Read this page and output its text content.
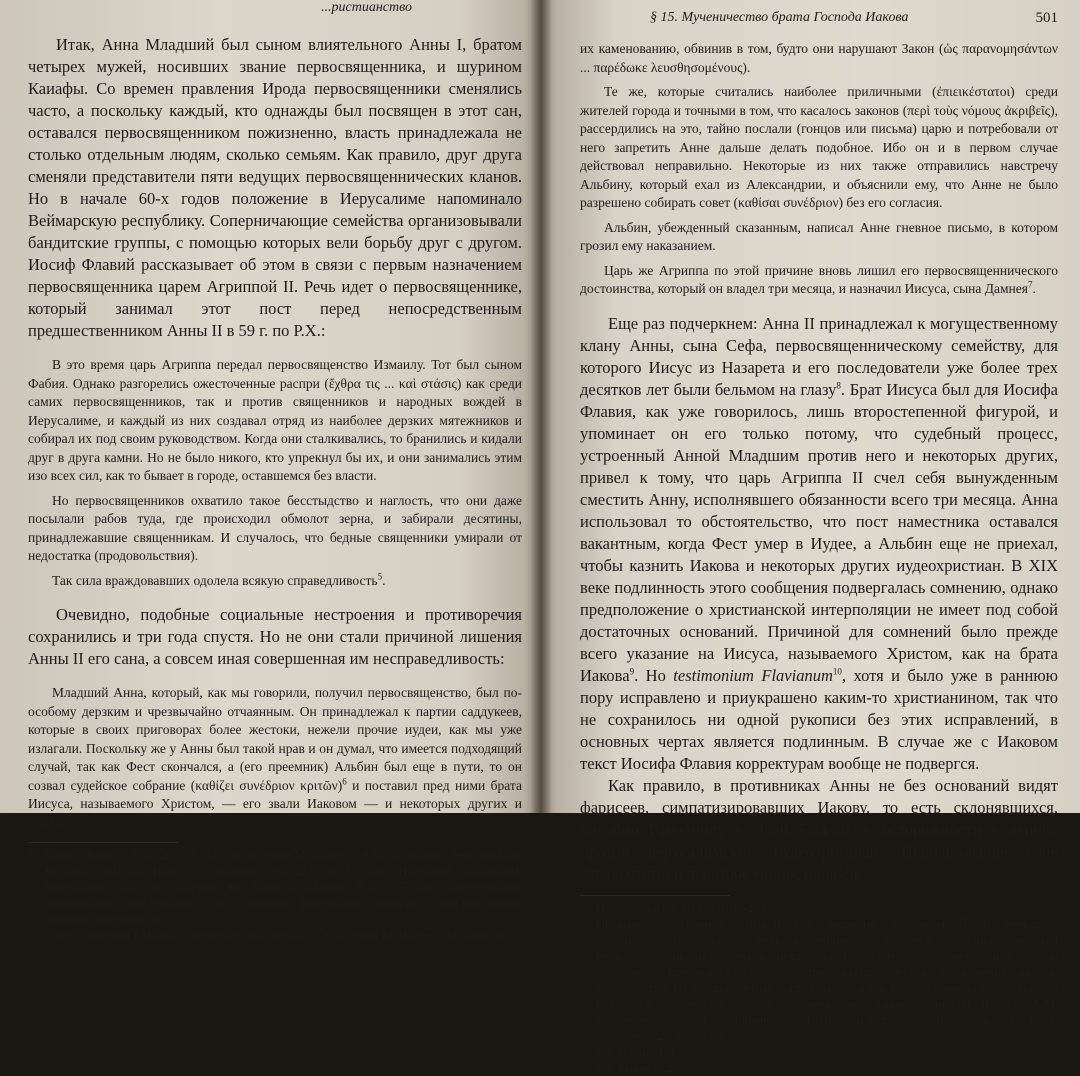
...ристианство

Итак, Анна Младший был сыном влиятельного Анны I, братом четырех мужей, носивших звание первосвященника, и шурином Каиафы. Со времен правления Ирода первосвященники сменялись часто, а поскольку каждый, кто однажды был посвящен в этот сан, оставался первосвященником пожизненно, власть принадлежала не столько отдельным людям, сколько семьям. Как правило, друг друга сменяли представители пяти ведущих первосвященнических кланов. Но в начале 60-х годов положение в Иерусалиме напоминало Веймарскую республику. Соперничающие семейства организовывали бандитские группы, с помощью которых вели борьбу друг с другом. Иосиф Флавий рассказывает об этом в связи с первым назначением первосвященника царем Агриппой II. Речь идет о первосвященнике, который занимал этот пост перед непосредственным предшественником Анны II в 59 г. по Р.Х.:

В это время царь Агриппа передал первосвященство Измаилу. Тот был сыном Фабия. Однако разгорелись ожесточенные распри (ἔχθρα τις ... καὶ στάσις) как среди самих первосвященников, так и против священников и народных вождей в Иерусалиме, и каждый из них создавал отряд из наиболее дерзких мятежников и собирал их под своим руководством. Когда они сталкивались, то бранились и кидали друг в друга камни. Но не было никого, кто упрекнул бы их, и они занимались этим изо всех сил, как то бывает в городе, оставшемся без власти.

Но первосвященников охватило такое бесстыдство и наглость, что они даже посылали рабов туда, где происходил обмолот зерна, и забирали десятины, принадлежавшие священникам. И случалось, что бедные священники умирали от недостатка (продовольствия).

Так сила враждовавших одолела всякую справедливость$^5$.

Очевидно, подобные социальные нестроения и противоречия сохранились и три года спустя. Но не они стали причиной лишения Анны II его сана, а совсем иная совершенная им несправедливость:

Младший Анна, который, как мы говорили, получил первосвященство, был по-особому дерзким и чрезвычайно отчаянным. Он принадлежал к партии саддукеев, которые в своих приговорах более жестоки, нежели прочие иудеи, как мы уже излагали. Поскольку же у Анны был такой нрав и он думал, что имеется подходящий случай, так как Фест скончался, а (его преемник) Альбин был еще в пути, то он созвал судейское собрание (καθίζει συνέδριον κριτῶν)$^6$ и поставил пред ними брата Иисуса, называемого Христом, — его звали Иаковом — и некоторых других и преда...

5 Иосиф Флавий, И.Д. 20,179 слл. См. об этом M. Hengel / A.M. Schwemer, Jesus und das Judentum, 101-121 [Иисус и иудаизм, 101-121]; ср. W. Eck, Herrschaft, Widerstand, Kooperation, 38f., со ссылкой на Иосифа Флавия, И.В. 3–7 как свидетельство «внутренних столкновений между разными фракциями», которые усилились ввиду римского владычества.

...тот синедрион в Иерусалиме не был регулярно... См. об этом M. Hengel... D. Goodman...

§ 15. Мученичество брата Господа Иакова	501

их каменованию, обвинив в том, будто они нарушают Закон (ὡς παρανομησάντων ... παρέδωκε λευσθησομένους).

Те же, которые считались наиболее приличными (ἐπιεικέστατοι) среди жителей города и точными в том, что касалось законов (περὶ τοὺς νόμους ἀκριβεῖς), рассердились на это, тайно послали (гонцов или письма) царю и потребовали от него запретить Анне дальше делать подобное. Ибо он и в первом случае действовал неправильно. Некоторые из них также отправились навстречу Альбину, который ехал из Александрии, и объяснили ему, что Анне не было разрешено собирать совет (καθίσαι συνέδριον) без его согласия.

Альбин, убежденный сказанным, написал Анне гневное письмо, в котором грозил ему наказанием.

Царь же Агриппа по этой причине вновь лишил его первосвященнического достоинства, который он владел три месяца, и назначил Иисуса, сына Дамнея$^7$.

Еще раз подчеркнем: Анна II принадлежал к могущественному клану Анны, сына Сефа, первосвященническому семейству, для которого Иисус из Назарета и его последователи уже более трех десятков лет были бельмом на глазу$^8$. Брат Иисуса был для Иосифа Флавия, как уже говорилось, лишь второстепенной фигурой, и упоминает он его только потому, что судебный процесс, устроенный Анной Младшим против него и некоторых других, привел к тому, что царь Агриппа II счел себя вынужденным сместить Анну, исполнявшего обязанности всего три месяца. Анна использовал то обстоятельство, что пост наместника оставался вакантным, когда Фест умер в Иудее, а Альбин еще не приехал, чтобы казнить Иакова и некоторых других иудеохристиан. В XIX веке подлинность этого сообщения подвергалась сомнению, однако предположение о христианской интерполяции не имеет под собой достаточных оснований. Причиной для сомнений было прежде всего указание на Иисуса, называемого Христом, как на брата Иакова$^9$. Но testimonium Flavianum$^{10}$, хотя и было уже в раннюю пору исправлено и приукрашено каким-то христианином, так что не сохранилось ни одной рукописи без этих исправлений, в основных чертах является подлинным. В случае же с Иаковом текст Иосифа Флавия корректурам вообще не подвергся.

Как правило, в противниках Анны не без оснований видят фарисеев, симпатизировавших Иакову, то есть склонявшихся, подобно Гамалиилу в Деян 5:34-39, к осторожности в акциях против иерусалимских иудеохристиан. Использование слов ἐπιεικέστατοι и περὶ τοὺς νόμους ἀκριβεῖς

7 Иосиф Флавий, И.Д. 20,199-203.

8 Письменное обвинение против Иисуса и решение о выдаче его Пилату, очевидно, десятилетиями хранились в первосвященническом архиве и могли использоваться первосвященниками и членами синедриона. Здесь, очевидно, перечислялись пункты обвинения: претензия на мессианство, лжепророчества, соблазнение народа, богохульство. На эти документы могли ссылаться как в эпоху гонения царя Агриппы I, так и в то время, о котором идет речь здесь; такого мнения M. Hengel / A.M. Schwemer, Jesus und das Judentum, 599 [Иисус и иудаизм, 609]. Ср. также D. Bock, Blasphemy, 28, прим. 68.

9 Ср. Schürer I, 430.

10 См. выше, с. 27 и ...
